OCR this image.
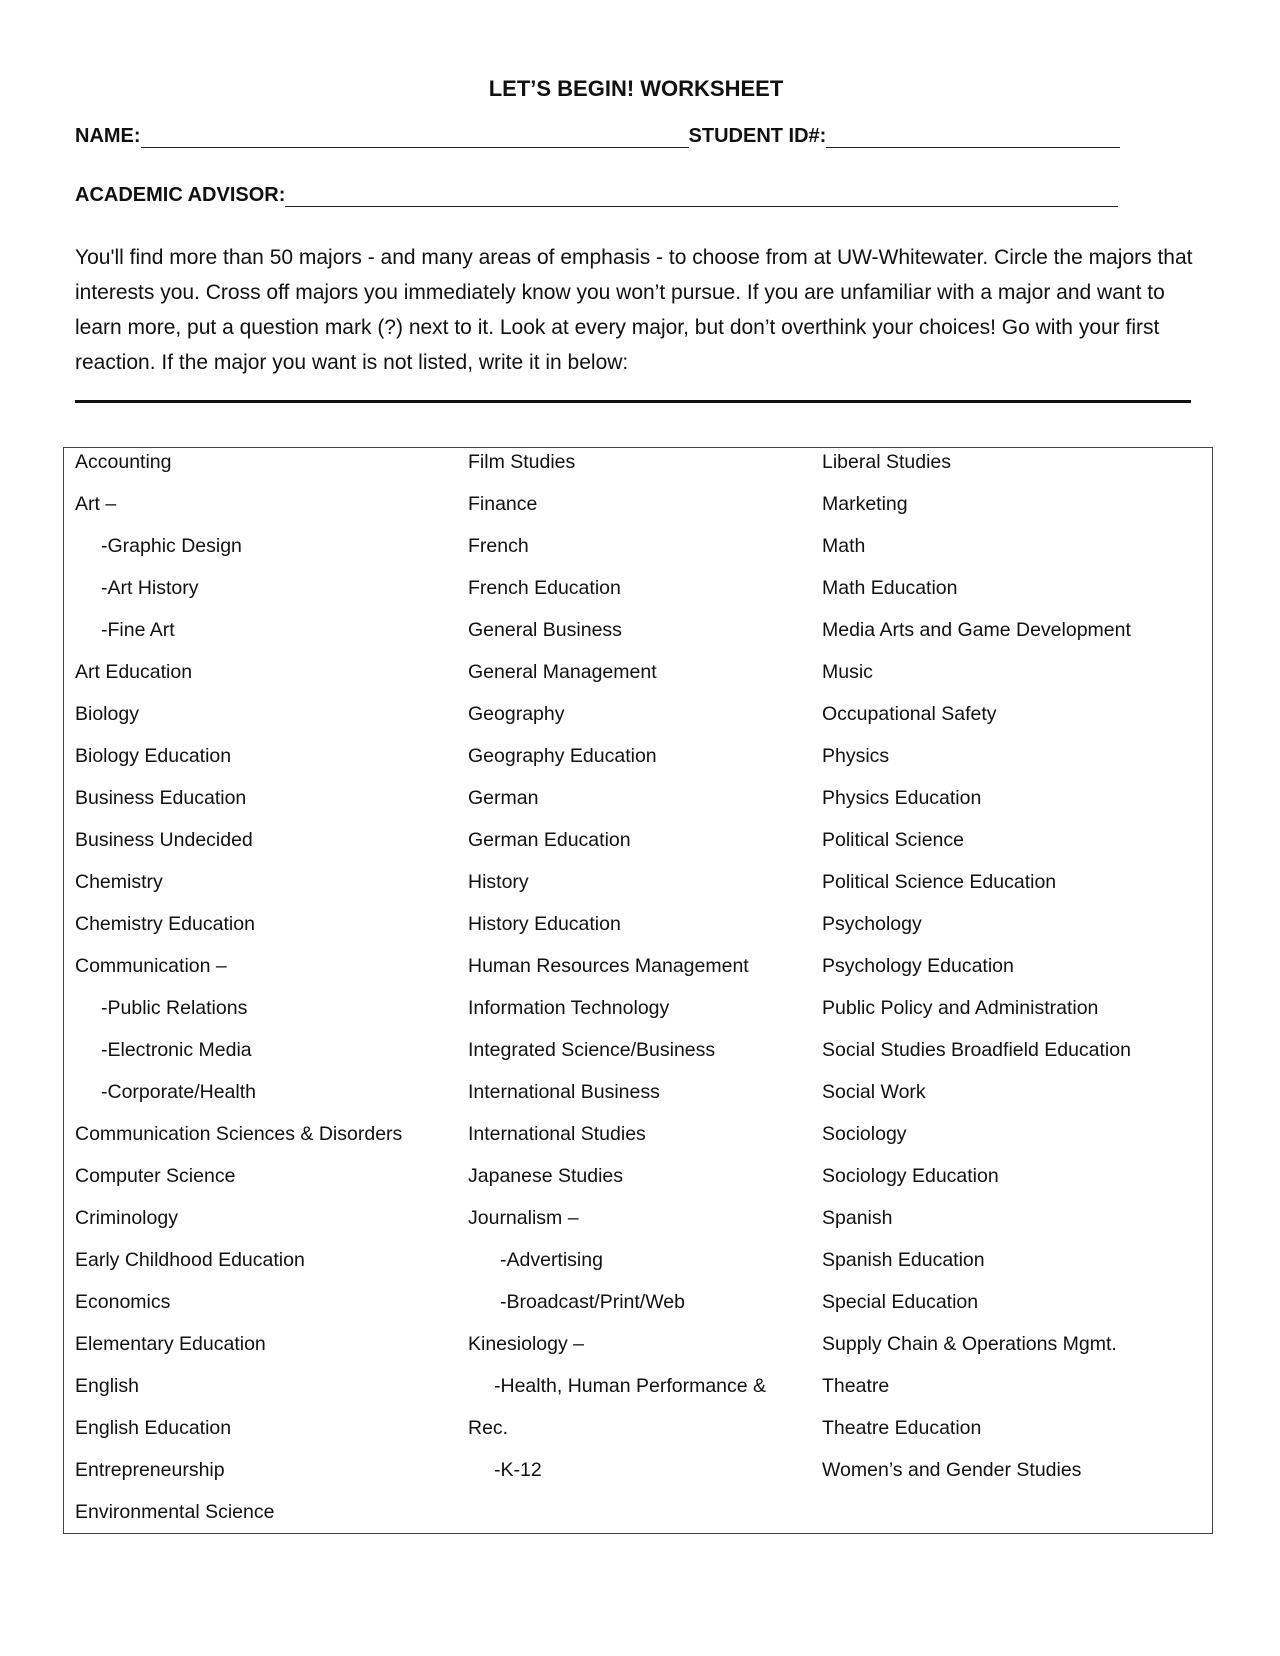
LET’S BEGIN! WORKSHEET
NAME:	STUDENT ID#:
ACADEMIC ADVISOR:
You'll find more than 50 majors - and many areas of emphasis - to choose from at UW-Whitewater. Circle the majors that interests you. Cross off majors you immediately know you won’t pursue. If you are unfamiliar with a major and want to learn more, put a question mark (?) next to it. Look at every major, but don’t overthink your choices! Go with your first reaction. If the major you want is not listed, write it in below:
Accounting
Art –
-Graphic Design
-Art History
-Fine Art
Art Education
Biology
Biology Education
Business Education
Business Undecided
Chemistry
Chemistry Education
Communication –
-Public Relations
-Electronic Media
-Corporate/Health
Communication Sciences & Disorders
Computer Science
Criminology
Early Childhood Education
Economics
Elementary Education
English
English Education
Entrepreneurship
Environmental Science
Film Studies
Finance
French
French Education
General Business
General Management
Geography
Geography Education
German
German Education
History
History Education
Human Resources Management
Information Technology
Integrated Science/Business
International Business
International Studies
Japanese Studies
Journalism –
-Advertising
-Broadcast/Print/Web
Kinesiology –
-Health, Human Performance &
Rec.
-K-12
Liberal Studies
Marketing
Math
Math Education
Media Arts and Game Development
Music
Occupational Safety
Physics
Physics Education
Political Science
Political Science Education
Psychology
Psychology Education
Public Policy and Administration
Social Studies Broadfield Education
Social Work
Sociology
Sociology Education
Spanish
Spanish Education
Special Education
Supply Chain & Operations Mgmt.
Theatre
Theatre Education
Women’s and Gender Studies
